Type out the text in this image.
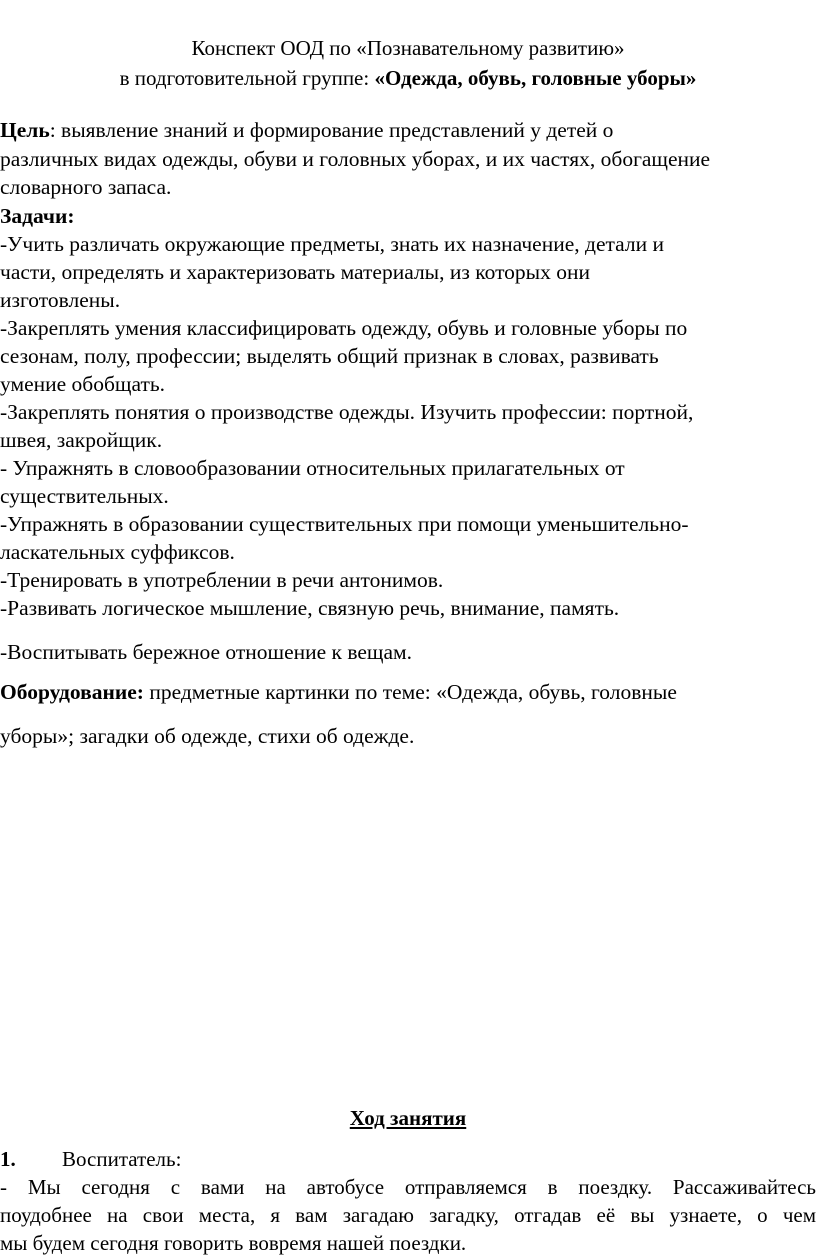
Конспект ООД по «Познавательному развитию»
в подготовительной группе: «Одежда, обувь, головные уборы»
Цель: выявление знаний и формирование представлений у детей о
различных видах одежды, обуви и головных уборах, и их частях, обогащение
словарного запаса.
Задачи:
-Учить различать окружающие предметы, знать их назначение, детали и
части, определять и характеризовать материалы, из которых они
изготовлены.
-Закреплять умения классифицировать одежду, обувь и головные уборы по
сезонам, полу, профессии; выделять общий признак в словах, развивать
умение обобщать.
-Закреплять понятия о производстве одежды. Изучить профессии: портной,
швея, закройщик.
- Упражнять в словообразовании относительных прилагательных от
существительных.
-Упражнять в образовании существительных при помощи уменьшительно-
ласкательных суффиксов.
-Тренировать в употреблении в речи антонимов.
-Развивать логическое мышление, связную речь, внимание, память.
-Воспитывать бережное отношение к вещам.
Оборудование: предметные картинки по теме: «Одежда, обувь, головные
уборы»; загадки об одежде, стихи об одежде.
Ход занятия
1. Воспитатель:
- Мы сегодня с вами на автобусе отправляемся в поездку. Рассаживайтесь
поудобнее на свои места, я вам загадаю загадку, отгадав её вы узнаете, о чем
мы будем сегодня говорить вовремя нашей поездки.
